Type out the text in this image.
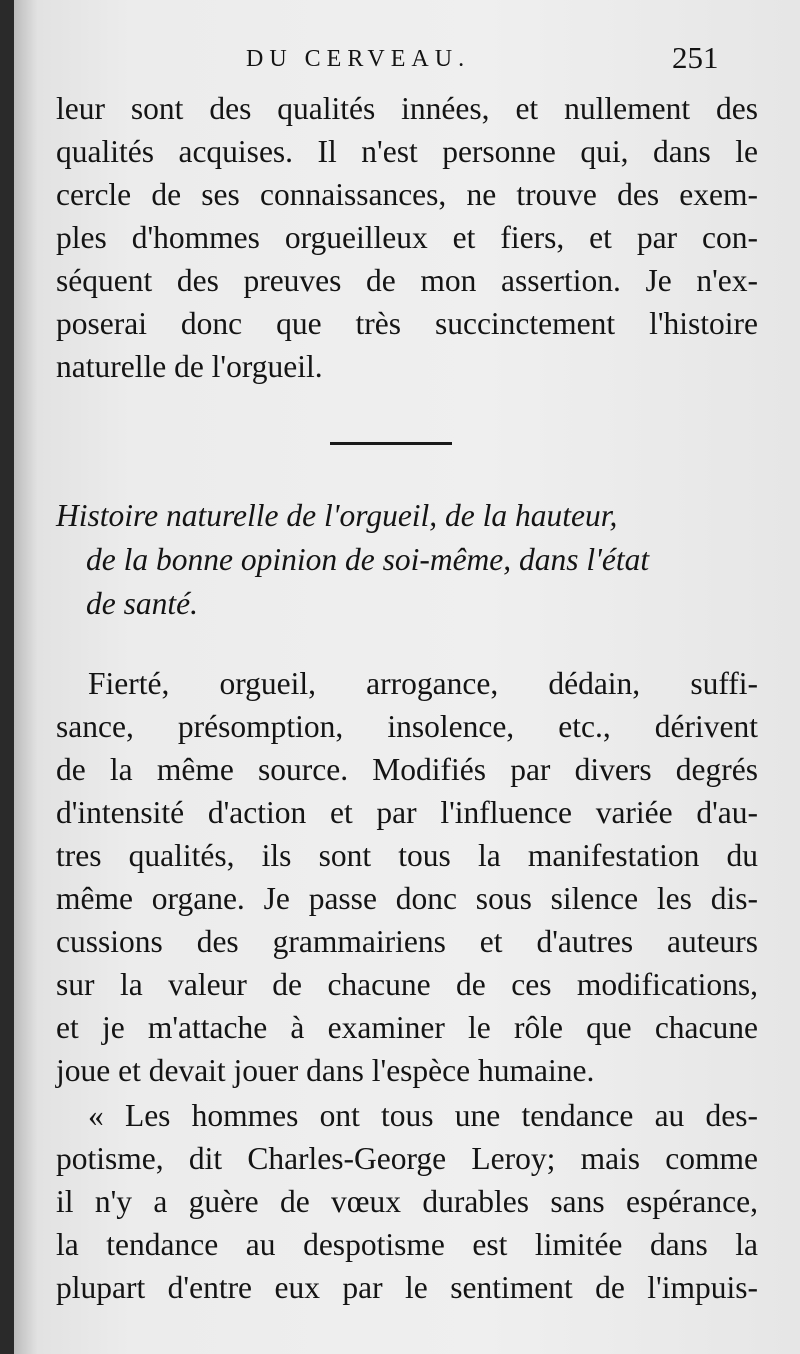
DU CERVEAU.	251
leur sont des qualités innées, et nullement des
qualités acquises. Il n'est personne qui, dans le
cercle de ses connaissances, ne trouve des exem-
ples d'hommes orgueilleux et fiers, et par con-
séquent des preuves de mon assertion. Je n'ex-
poserai donc que très succinctement l'histoire
naturelle de l'orgueil.
Histoire naturelle de l'orgueil, de la hauteur,
de la bonne opinion de soi-même, dans l'état
de santé.
Fierté, orgueil, arrogance, dédain, suffi-
sance, présomption, insolence, etc., dérivent
de la même source. Modifiés par divers degrés
d'intensité d'action et par l'influence variée d'au-
tres qualités, ils sont tous la manifestation du
même organe. Je passe donc sous silence les dis-
cussions des grammairiens et d'autres auteurs
sur la valeur de chacune de ces modifications,
et je m'attache à examiner le rôle que chacune
joue et devait jouer dans l'espèce humaine.
« Les hommes ont tous une tendance au des-
potisme, dit Charles-George Leroy; mais comme
il n'y a guère de vœux durables sans espérance,
la tendance au despotisme est limitée dans la
plupart d'entre eux par le sentiment de l'impuis-
